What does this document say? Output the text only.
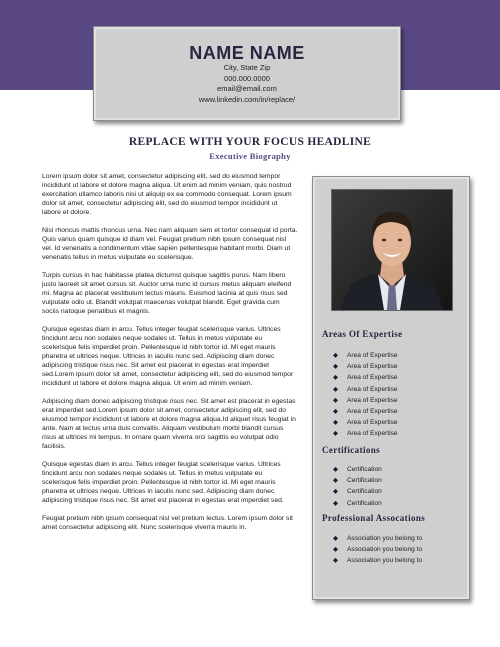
NAME NAME
City, State Zip
000.000.0000
email@email.com
www.linkedin.com/in/replace/
REPLACE WITH YOUR FOCUS HEADLINE
Executive Biography

Lorem ipsum dolor sit amet, consectetur adipiscing elit, sed do eiusmod tempor incididunt ut labore et dolore magna aliqua. Ut enim ad minim veniam, quis nostrud exercitation ullamco laboris nisi ut aliquip ex ea commodo consequat. Lorem ipsum dolor sit amet, consectetur adipiscing elit, sed do eiusmod tempor incididunt ut labore et dolore.

Nisl rhoncus mattis rhoncus urna. Nec nam aliquam sem et tortor consequat id porta. Quis varius quam quisque id diam vel. Feugiat pretium nibh ipsum consequat nisl vel. Id venenatis a condimentum vitae sapien pellentesque habitant morbi. Diam ut venenatis tellus in metus vulputate eu scelerisque.

Turpis cursus in hac habitasse platea dictumst quisque sagittis purus. Nam libero justo laoreet sit amet cursus sit. Auctor urna nunc id cursus metus aliquam eleifend mi. Magna ac placerat vestibulum lectus mauris. Euismod lacinia at quis risus sed vulputate odio ut. Blandit volutpat maecenas volutpat blandit. Eget gravida cum sociis natoque penatibus et magnis.

Quisque egestas diam in arcu. Tellus integer feugiat scelerisque varius. Ultrices tincidunt arcu non sodales neque sodales ut. Tellus in metus vulputate eu scelerisque felis imperdiet proin. Pellentesque id nibh tortor id. Mi eget mauris pharetra et ultrices neque. Ultrices in iaculis nunc sed. Adipiscing diam donec adipiscing tristique risus nec. Sit amet est placerat in egestas erat imperdiet sed.Lorem ipsum dolor sit amet, consectetur adipiscing elit, sed do eiusmod tempor incididunt ut labore et dolore magna aliqua. Ut enim ad minim veniam.

Adipiscing diam donec adipiscing tristique risus nec. Sit amet est placerat in egestas erat imperdiet sed.Lorem ipsum dolor sit amet, consectetur adipiscing elit, sed do eiusmod tempor incididunt ut labore et dolore magna aliqua.Id aliquet risus feugiat in ante. Nam at lectus urna duis convallis. Aliquam vestibulum morbi blandit cursus risus at ultrices mi tempus. In ornare quam viverra orci sagittis eu volutpat odio facilisis.

Quisque egestas diam in arcu. Tellus integer feugiat scelerisque varius. Ultrices tincidunt arcu non sodales neque sodales ut. Tellus in metus vulputate eu scelerisque felis imperdiet proin. Pellentesque id nibh tortor id. Mi eget mauris pharetra et ultrices neque. Ultrices in iaculis nunc sed. Adipiscing diam donec adipiscing tristique risus nec. Sit amet est placerat in egestas erat imperdiet sed.

Feugiat pretium nibh ipsum consequat nisl vel pretium lectus. Lorem ipsum dolor sit amet consectetur adipiscing elit. Nunc scelerisque viverra mauris in.

Areas Of Expertise
◆ Area of Expertise
◆ Area of Expertise
◆ Area of Expertise
◆ Area of Expertise
◆ Area of Expertise
◆ Area of Expertise
◆ Area of Expertise
◆ Area of Expertise
Certifications
◆ Certification
◆ Certification
◆ Certification
◆ Certification
Professional Assocations
◆ Association you belong to
◆ Association you belong to
◆ Association you belong to
